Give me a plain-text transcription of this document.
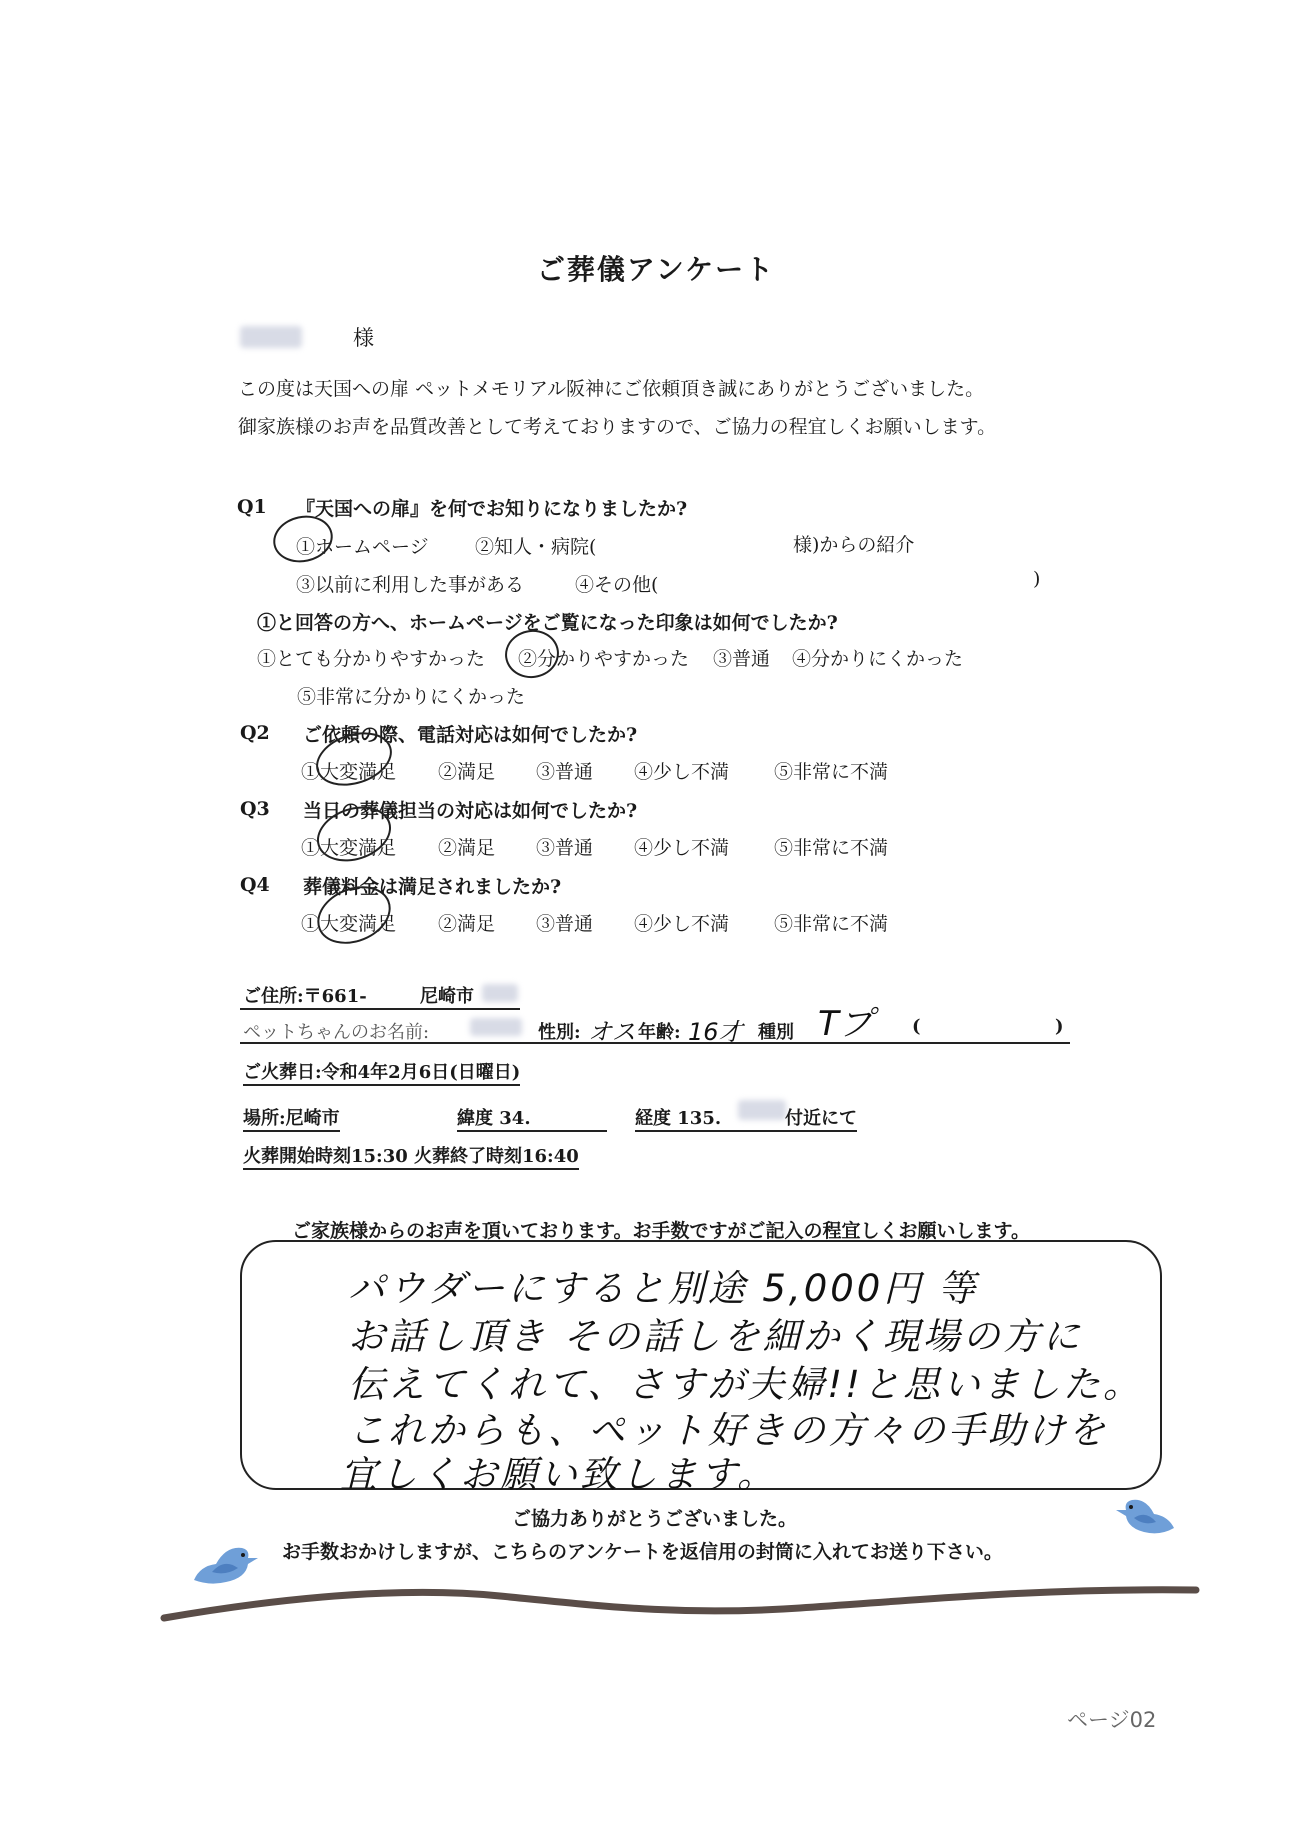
ご葬儀アンケート
様
この度は天国への扉 ペットメモリアル阪神にご依頼頂き誠にありがとうございました。
御家族様のお声を品質改善として考えておりますので、ご協力の程宜しくお願いします。
Q1 『天国への扉』を何でお知りになりましたか?
①ホームページ ②知人・病院(	様)からの紹介
③以前に利用した事がある	④その他(	)
①と回答の方へ、ホームページをご覧になった印象は如何でしたか?
①とても分かりやすかった ②分かりやすかった ③普通 ④分かりにくかった
⑤非常に分かりにくかった
Q2 ご依頼の際、電話対応は如何でしたか?
①大変満足 ②満足 ③普通 ④少し不満 ⑤非常に不満
Q3 当日の葬儀担当の対応は如何でしたか?
①大変満足 ②満足 ③普通 ④少し不満 ⑤非常に不満
Q4 葬儀料金は満足されましたか?
①大変満足 ②満足 ③普通 ④少し不満 ⑤非常に不満
ご住所:〒661-	尼崎市
ペットちゃんのお名前:	性別: オス 年齢: 16才 種別 Tプ (	)
ご火葬日:令和4年2月6日(日曜日)
場所:尼崎市	緯度 34.	経度 135.	付近にて
火葬開始時刻15:30 火葬終了時刻16:40
ご家族様からのお声を頂いております。お手数ですがご記入の程宜しくお願いします。
パウダーにすると別途 5,000円 等
お話し頂き その話しを細かく現場の方に
伝えてくれて、さすが夫婦!!と思いました。
これからも、ペット好きの方々の手助けを
宜しくお願い致します。
ご協力ありがとうございました。
お手数おかけしますが、こちらのアンケートを返信用の封筒に入れてお送り下さい。
ページ02
